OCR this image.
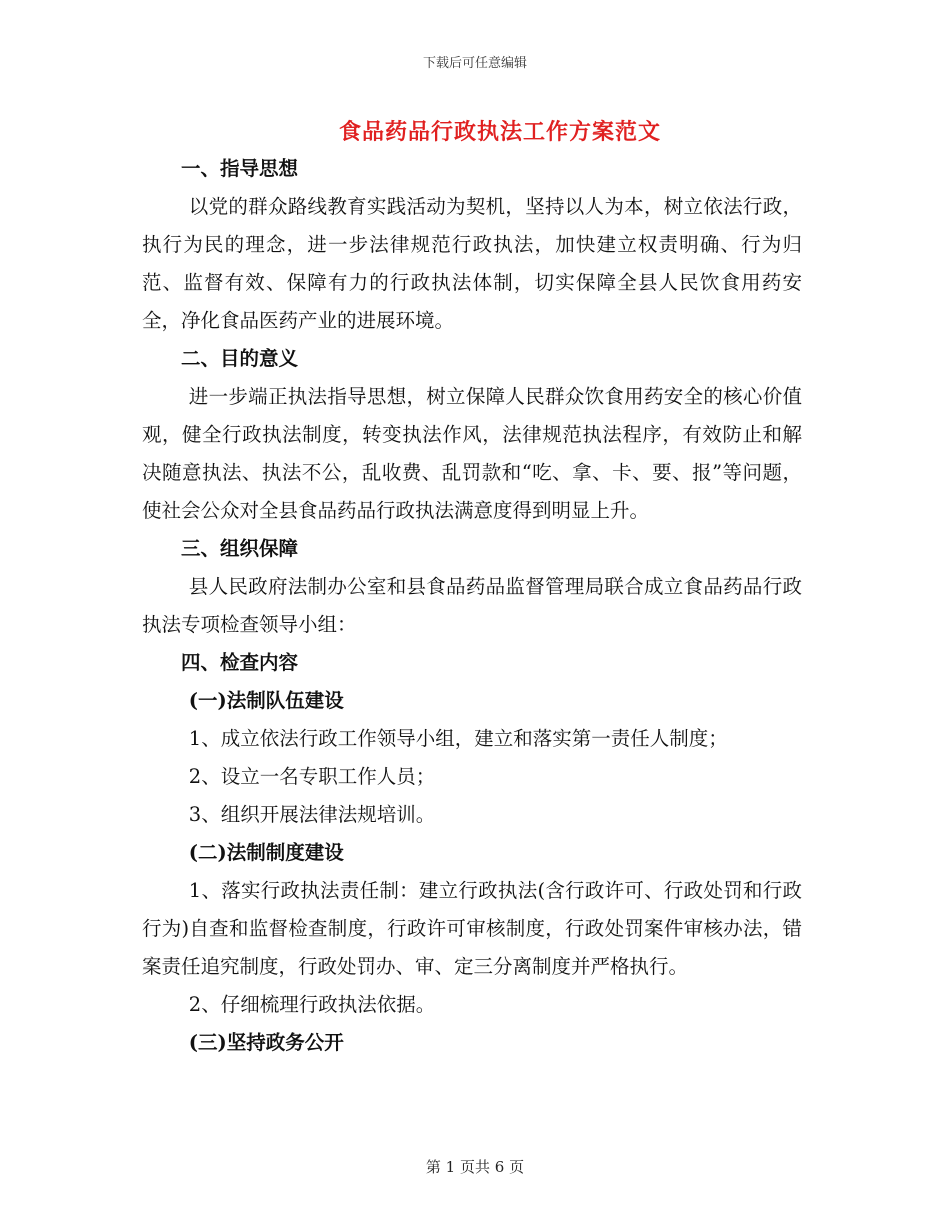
下载后可任意编辑
食品药品行政执法工作方案范文

一、指导思想

以党的群众路线教育实践活动为契机，坚持以人为本，树立依法行政，执行为民的理念，进一步法律规范行政执法，加快建立权责明确、行为归范、监督有效、保障有力的行政执法体制，切实保障全县人民饮食用药安全，净化食品医药产业的进展环境。

二、目的意义

进一步端正执法指导思想，树立保障人民群众饮食用药安全的核心价值观，健全行政执法制度，转变执法作风，法律规范执法程序，有效防止和解决随意执法、执法不公，乱收费、乱罚款和“吃、拿、卡、要、报”等问题，使社会公众对全县食品药品行政执法满意度得到明显上升。

三、组织保障

县人民政府法制办公室和县食品药品监督管理局联合成立食品药品行政执法专项检查领导小组：

四、检查内容

(一)法制队伍建设

1、成立依法行政工作领导小组，建立和落实第一责任人制度；

2、设立一名专职工作人员；

3、组织开展法律法规培训。

(二)法制制度建设

1、落实行政执法责任制：建立行政执法(含行政许可、行政处罚和行政行为)自查和监督检查制度，行政许可审核制度，行政处罚案件审核办法，错案责任追究制度，行政处罚办、审、定三分离制度并严格执行。

2、仔细梳理行政执法依据。

(三)坚持政务公开

第 1 页共 6 页
